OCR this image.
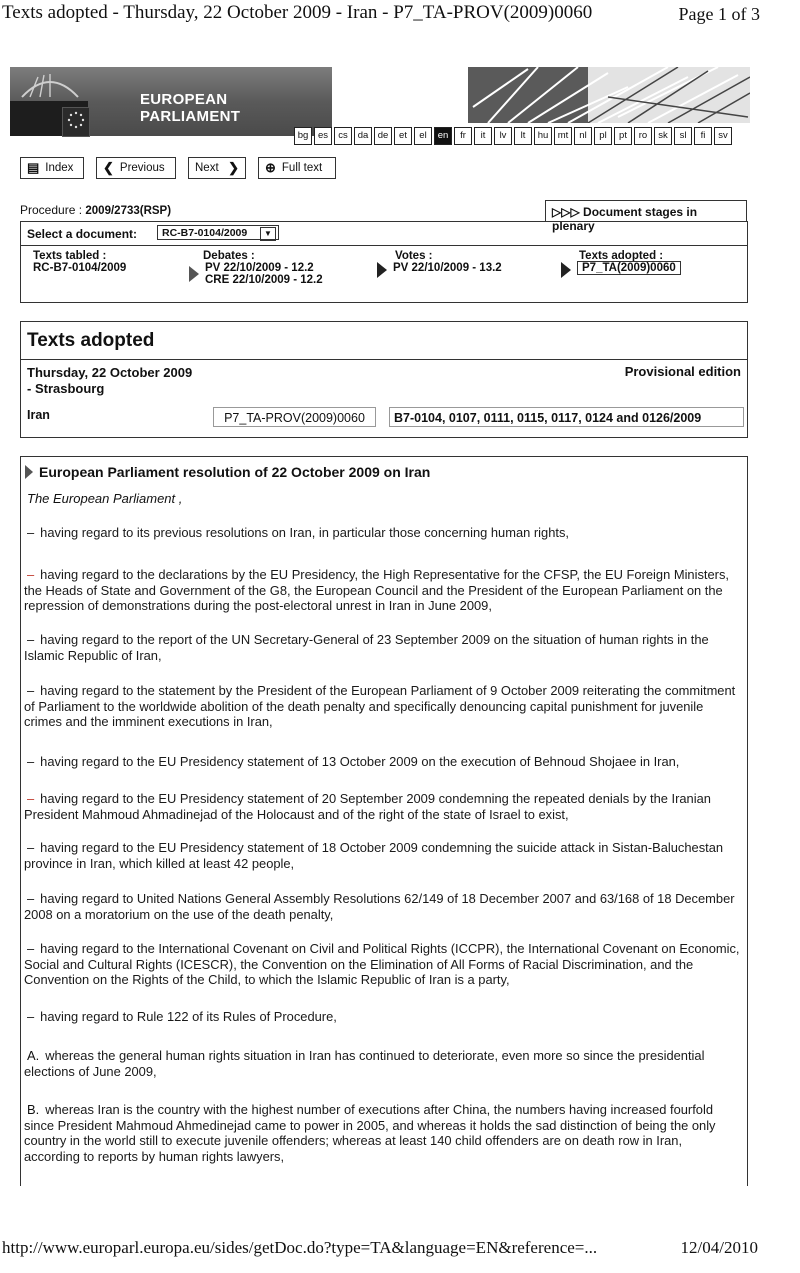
Texts adopted - Thursday, 22 October 2009 - Iran - P7_TA-PROV(2009)0060	Page 1 of 3
EUROPEAN PARLIAMENT
bg	es	cs	da de	et	el	en	fr	it	lv	lt	hu mt	nl	pl	pt	ro	sk	sl	fi	sv
▤ Index ❮ Previous	Next ❯ ⊕ Full text
Procedure : 2009/2733(RSP)	▷▷▷ Document stages in plenary
Select a document:	RC-B7-0104/2009	▼
Texts tabled :
RC-B7-0104/2009
Debates :
PV 22/10/2009 - 12.2
CRE 22/10/2009 - 12.2
Votes :
PV 22/10/2009 - 13.2
Texts adopted :
P7_TA(2009)0060
Texts adopted
Thursday, 22 October 2009 - Strasbourg
Provisional edition
Iran	P7_TA-PROV(2009)0060	B7-0104, 0107, 0111, 0115, 0117, 0124 and 0126/2009
European Parliament resolution of 22 October 2009 on Iran
The European Parliament ,
– having regard to its previous resolutions on Iran, in particular those concerning human rights,
– having regard to the declarations by the EU Presidency, the High Representative for the CFSP, the EU Foreign Ministers, the Heads of State and Government of the G8, the European Council and the President of the European Parliament on the repression of demonstrations during the post-electoral unrest in Iran in June 2009,
– having regard to the report of the UN Secretary-General of 23 September 2009 on the situation of human rights in the Islamic Republic of Iran,
– having regard to the statement by the President of the European Parliament of 9 October 2009 reiterating the commitment of Parliament to the worldwide abolition of the death penalty and specifically denouncing capital punishment for juvenile crimes and the imminent executions in Iran,
– having regard to the EU Presidency statement of 13 October 2009 on the execution of Behnoud Shojaee in Iran,
– having regard to the EU Presidency statement of 20 September 2009 condemning the repeated denials by the Iranian President Mahmoud Ahmadinejad of the Holocaust and of the right of the state of Israel to exist,
– having regard to the EU Presidency statement of 18 October 2009 condemning the suicide attack in Sistan-Baluchestan province in Iran, which killed at least 42 people,
– having regard to United Nations General Assembly Resolutions 62/149 of 18 December 2007 and 63/168 of 18 December 2008 on a moratorium on the use of the death penalty,
– having regard to the International Covenant on Civil and Political Rights (ICCPR), the International Covenant on Economic, Social and Cultural Rights (ICESCR), the Convention on the Elimination of All Forms of Racial Discrimination, and the Convention on the Rights of the Child, to which the Islamic Republic of Iran is a party,
– having regard to Rule 122 of its Rules of Procedure,
A. whereas the general human rights situation in Iran has continued to deteriorate, even more so since the presidential elections of June 2009,
B. whereas Iran is the country with the highest number of executions after China, the numbers having increased fourfold since President Mahmoud Ahmedinejad came to power in 2005, and whereas it holds the sad distinction of being the only country in the world still to execute juvenile offenders; whereas at least 140 child offenders are on death row in Iran, according to reports by human rights lawyers,
http://www.europarl.europa.eu/sides/getDoc.do?type=TA&language=EN&reference=...	12/04/2010
